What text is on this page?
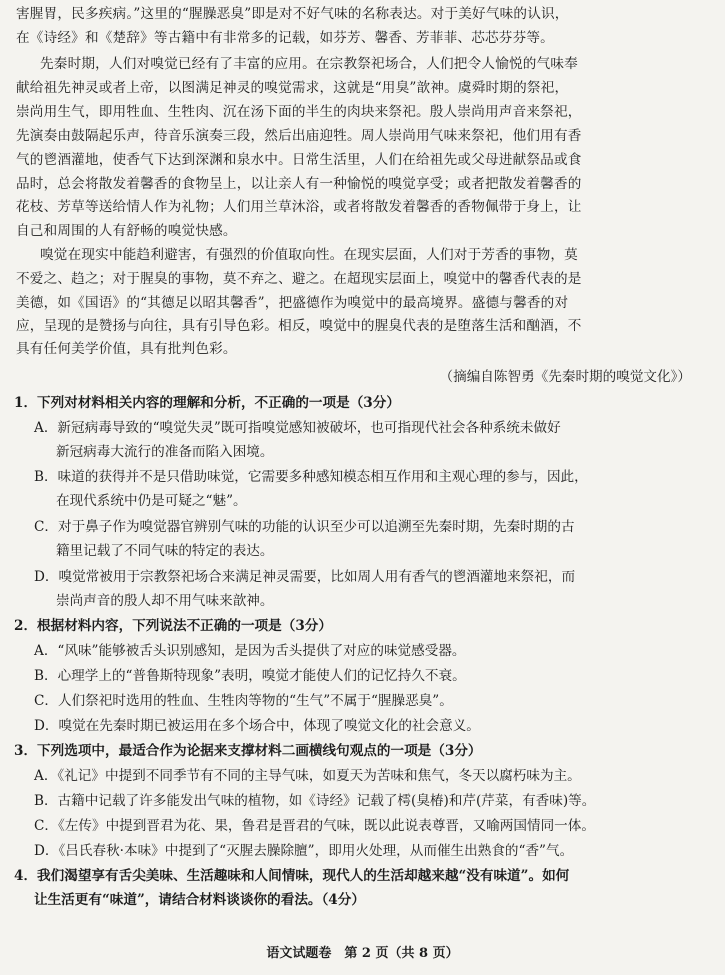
害腥胃，民多疾病。”这里的“腥臊恶臭”即是对不好气味的名称表达。对于美好气味的认识，
在《诗经》和《楚辞》等古籍中有非常多的记载，如芬芳、馨香、芳菲菲、芯芯芬芬等。
先秦时期，人们对嗅觉已经有了丰富的应用。在宗教祭祀场合，人们把令人愉悦的气味奉
献给祖先神灵或者上帝，以图满足神灵的嗅觉需求，这就是“用臭”歆神。虞舜时期的祭祀，
崇尚用生气，即用牲血、生牲肉、沉在汤下面的半生的肉块来祭祀。殷人崇尚用声音来祭祀，
先演奏由鼓隔起乐声，待音乐演奏三段，然后出庙迎牲。周人崇尚用气味来祭祀，他们用有香
气的鬯酒灌地，使香气下达到深渊和泉水中。日常生活里，人们在给祖先或父母进献祭品或食
品时，总会将散发着馨香的食物呈上，以让亲人有一种愉悦的嗅觉享受；或者把散发着馨香的
花枝、芳草等送给情人作为礼物；人们用兰草沐浴，或者将散发着馨香的香物佩带于身上，让
自己和周围的人有舒畅的嗅觉快感。
嗅觉在现实中能趋利避害，有强烈的价值取向性。在现实层面，人们对于芳香的事物，莫
不爱之、趋之；对于腥臭的事物，莫不弃之、避之。在超现实层面上，嗅觉中的馨香代表的是
美德，如《国语》的“其德足以昭其馨香”，把盛德作为嗅觉中的最高境界。盛德与馨香的对
应，呈现的是赞扬与向往，具有引导色彩。相反，嗅觉中的腥臭代表的是堕落生活和酗酒，不
具有任何美学价值，具有批判色彩。
（摘编自陈智勇《先秦时期的嗅觉文化》）
1．下列对材料相关内容的理解和分析，不正确的一项是（3分）
A．新冠病毒导致的“嗅觉失灵”既可指嗅觉感知被破坏，也可指现代社会各种系统未做好
新冠病毒大流行的准备而陷入困境。
B．味道的获得并不是只借助味觉，它需要多种感知模态相互作用和主观心理的参与，因此，
在现代系统中仍是可疑之“魅”。
C．对于鼻子作为嗅觉器官辨别气味的功能的认识至少可以追溯至先秦时期，先秦时期的古
籍里记载了不同气味的特定的表达。
D．嗅觉常被用于宗教祭祀场合来满足神灵需要，比如周人用有香气的鬯酒灌地来祭祀，而
崇尚声音的殷人却不用气味来歆神。
2．根据材料内容，下列说法不正确的一项是（3分）
A．“风味”能够被舌头识别感知，是因为舌头提供了对应的味觉感受器。
B．心理学上的“普鲁斯特现象”表明，嗅觉才能使人们的记忆持久不衰。
C．人们祭祀时选用的牲血、生牲肉等物的“生气”不属于“腥臊恶臭”。
D．嗅觉在先秦时期已被运用在多个场合中，体现了嗅觉文化的社会意义。
3．下列选项中，最适合作为论据来支撑材料二画横线句观点的一项是（3分）
A．《礼记》中提到不同季节有不同的主导气味，如夏天为苦味和焦气，冬天以腐朽味为主。
B．古籍中记载了许多能发出气味的植物，如《诗经》记载了樗(臭椿)和芹(芹菜，有香味)等。
C．《左传》中提到晋君为花、果，鲁君是晋君的气味，既以此说表尊晋，又喻两国情同一体。
D．《吕氏春秋·本味》中提到了“灭腥去臊除膻”，即用火处理，从而催生出熟食的“香”气。
4．我们渴望享有舌尖美味、生活趣味和人间情味，现代人的生活却越来越“没有味道”。如何
让生活更有“味道”，请结合材料谈谈你的看法。（4分）
语文试题卷　第 2 页（共 8 页）
